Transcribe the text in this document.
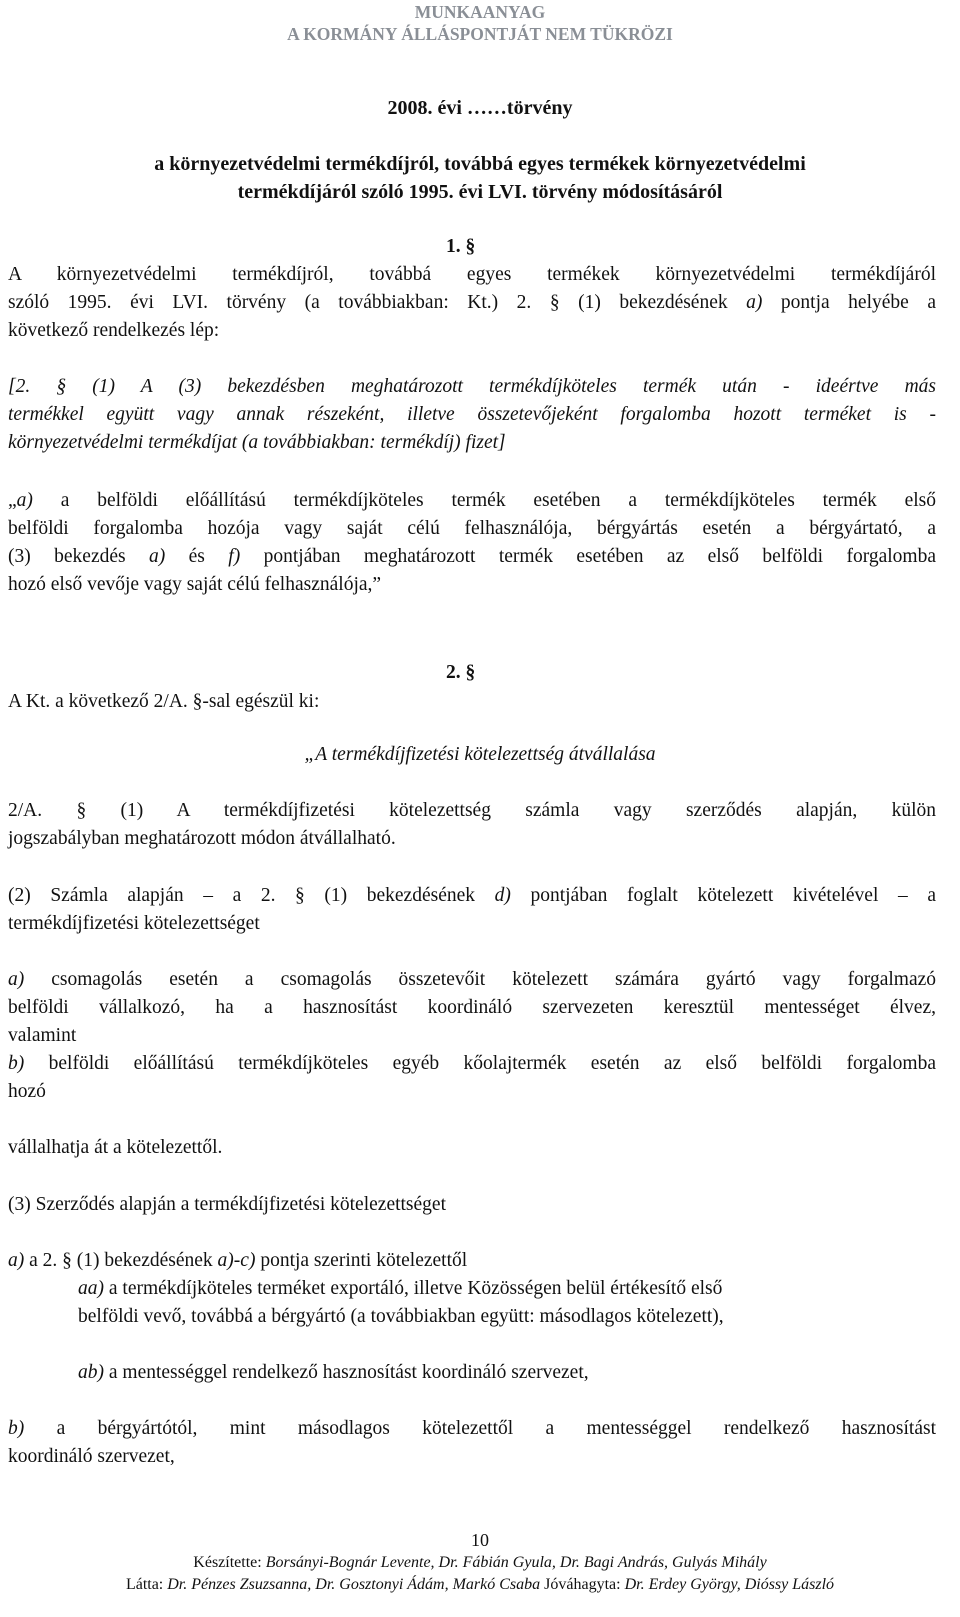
MUNKAANYAG
A KORMÁNY ÁLLÁSPONTJÁT NEM TÜKRÖZI
2008. évi ……törvény
a környezetvédelmi termékdíjról, továbbá egyes termékek környezetvédelmi
termékdíjáról szóló 1995. évi LVI. törvény módosításáról
1. §
A környezetvédelmi termékdíjról, továbbá egyes termékek környezetvédelmi termékdíjáról
szóló 1995. évi LVI. törvény (a továbbiakban: Kt.) 2. § (1) bekezdésének a) pontja helyébe a
következő rendelkezés lép:
[2. § (1) A (3) bekezdésben meghatározott termékdíjköteles termék után - ideértve más
termékkel együtt vagy annak részeként, illetve összetevőjeként forgalomba hozott terméket is -
környezetvédelmi termékdíjat (a továbbiakban: termékdíj) fizet]
„a) a belföldi előállítású termékdíjköteles termék esetében a termékdíjköteles termék első
belföldi forgalomba hozója vagy saját célú felhasználója, bérgyártás esetén a bérgyártató, a
(3) bekezdés a) és f) pontjában meghatározott termék esetében az első belföldi forgalomba
hozó első vevője vagy saját célú felhasználója,”
2. §
A Kt. a következő 2/A. §-sal egészül ki:
„A termékdíjfizetési kötelezettség átvállalása
2/A. § (1) A termékdíjfizetési kötelezettség számla vagy szerződés alapján, külön
jogszabályban meghatározott módon átvállalható.
(2) Számla alapján – a 2. § (1) bekezdésének d) pontjában foglalt kötelezett kivételével – a
termékdíjfizetési kötelezettséget
a) csomagolás esetén a csomagolás összetevőit kötelezett számára gyártó vagy forgalmazó
belföldi vállalkozó, ha a hasznosítást koordináló szervezeten keresztül mentességet élvez,
valamint
b) belföldi előállítású termékdíjköteles egyéb kőolajtermék esetén az első belföldi forgalomba
hozó
vállalhatja át a kötelezettől.
(3) Szerződés alapján a termékdíjfizetési kötelezettséget
a) a 2. § (1) bekezdésének a)-c) pontja szerinti kötelezettől
aa) a termékdíjköteles terméket exportáló, illetve Közösségen belül értékesítő első
belföldi vevő, továbbá a bérgyártó (a továbbiakban együtt: másodlagos kötelezett),
ab) a mentességgel rendelkező hasznosítást koordináló szervezet,
b) a bérgyártótól, mint másodlagos kötelezettől a mentességgel rendelkező hasznosítást
koordináló szervezet,
10
Készítette: Borsányi-Bognár Levente, Dr. Fábián Gyula, Dr. Bagi András, Gulyás Mihály
Látta: Dr. Pénzes Zsuzsanna, Dr. Gosztonyi Ádám, Markó Csaba Jóváhagyta: Dr. Erdey György, Dióssy László
